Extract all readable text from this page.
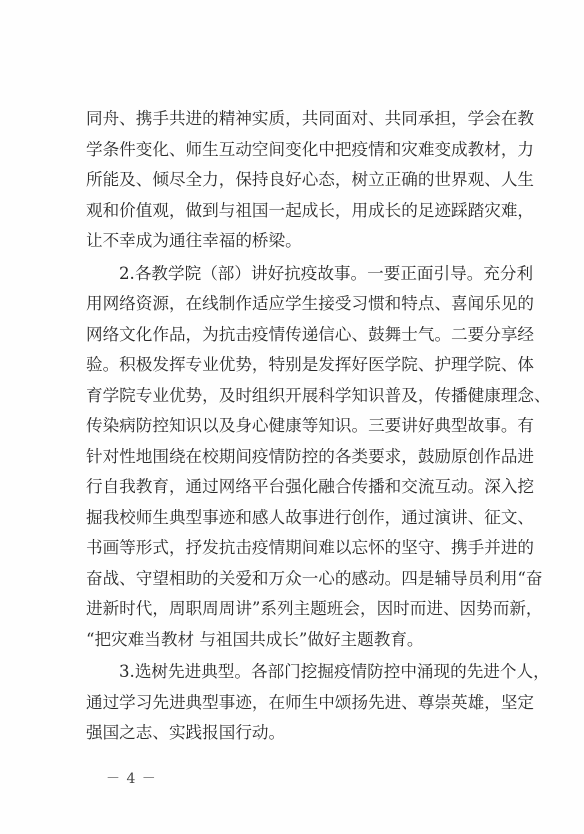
同舟、携手共进的精神实质，共同面对、共同承担，学会在教
学条件变化、师生互动空间变化中把疫情和灾难变成教材，力
所能及、倾尽全力，保持良好心态，树立正确的世界观、人生
观和价值观，做到与祖国一起成长，用成长的足迹踩踏灾难，
让不幸成为通往幸福的桥梁。

2.各教学院（部）讲好抗疫故事。一要正面引导。充分利
用网络资源，在线制作适应学生接受习惯和特点、喜闻乐见的
网络文化作品，为抗击疫情传递信心、鼓舞士气。二要分享经
验。积极发挥专业优势，特别是发挥好医学院、护理学院、体
育学院专业优势，及时组织开展科学知识普及，传播健康理念、
传染病防控知识以及身心健康等知识。三要讲好典型故事。有
针对性地围绕在校期间疫情防控的各类要求，鼓励原创作品进
行自我教育，通过网络平台强化融合传播和交流互动。深入挖
掘我校师生典型事迹和感人故事进行创作，通过演讲、征文、
书画等形式，抒发抗击疫情期间难以忘怀的坚守、携手并进的
奋战、守望相助的关爱和万众一心的感动。四是辅导员利用“奋
进新时代，周职周周讲”系列主题班会，因时而进、因势而新，
“把灾难当教材 与祖国共成长”做好主题教育。

3.选树先进典型。各部门挖掘疫情防控中涌现的先进个人，
通过学习先进典型事迹，在师生中颂扬先进、尊崇英雄，坚定
强国之志、实践报国行动。

－ 4 －
